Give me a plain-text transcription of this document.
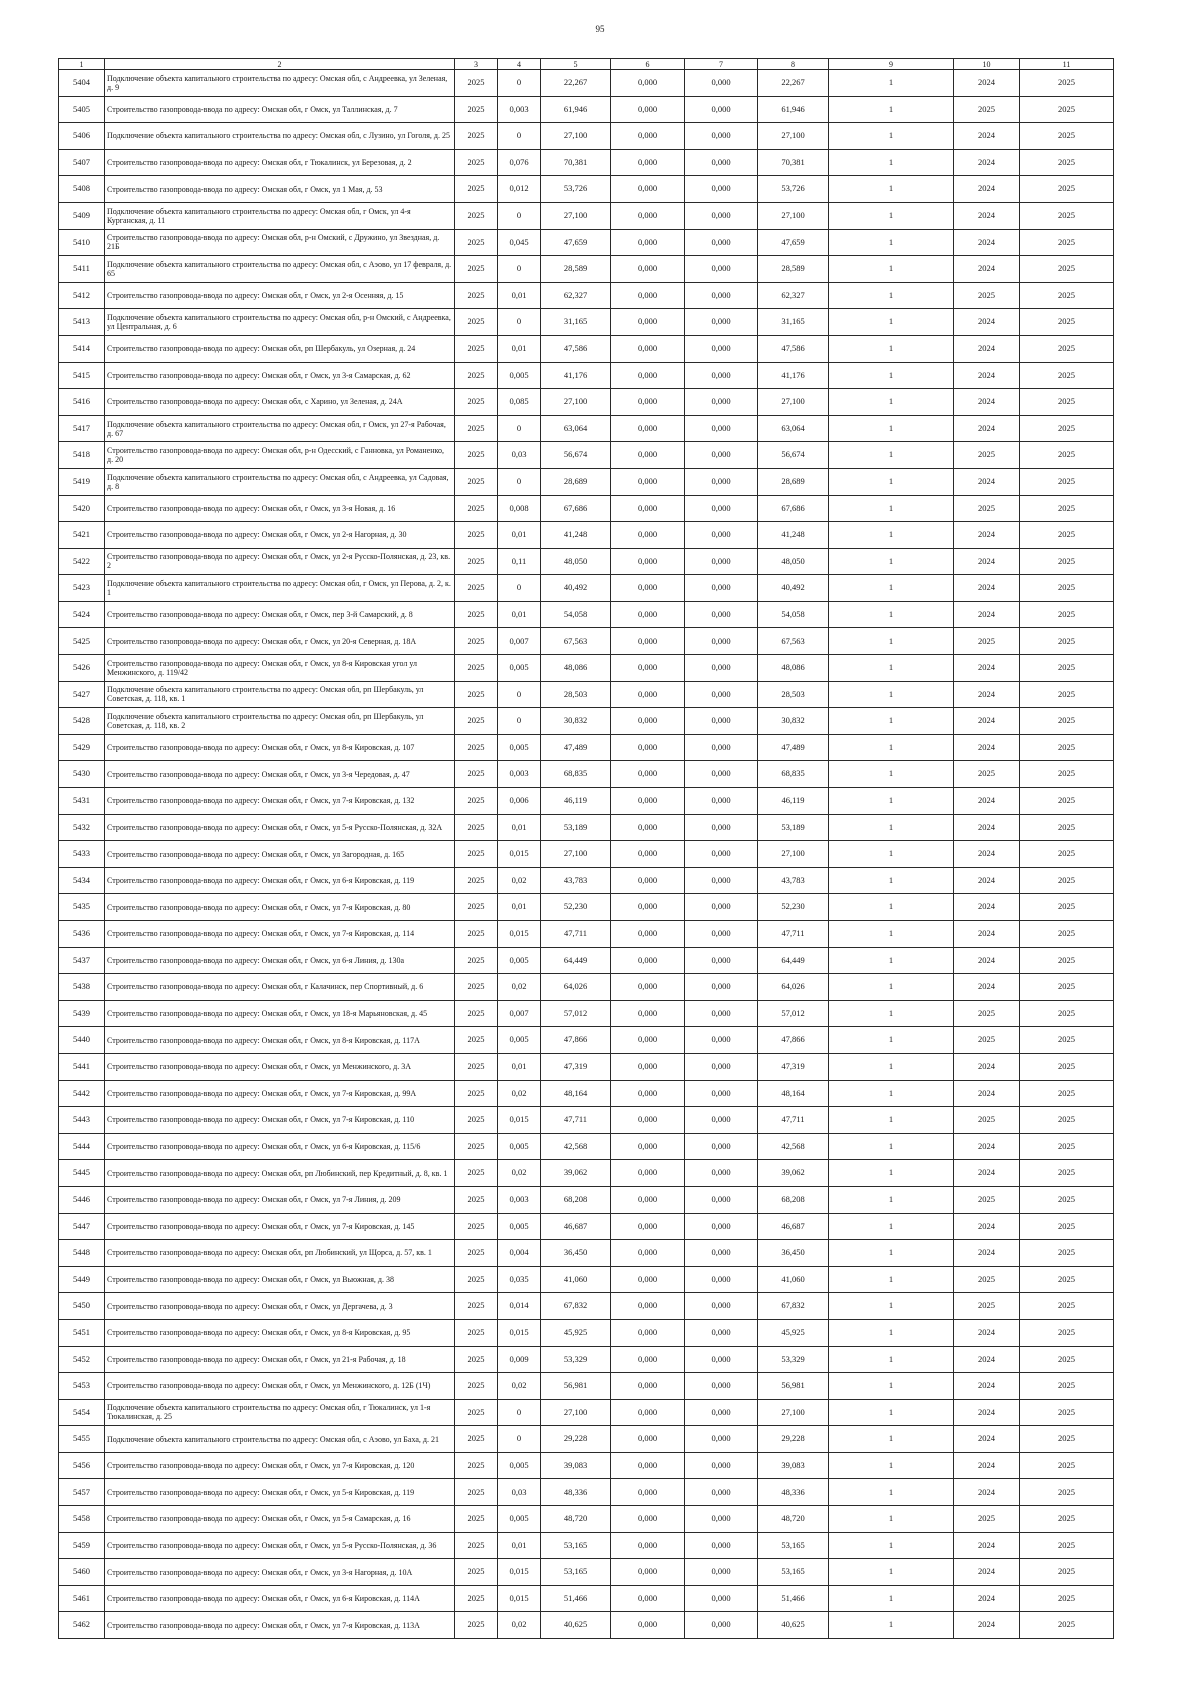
95
1	2	3	4	5	6	7	8	9	10	11
5404	Подключение объекта капитального строительства по адресу: Омская обл, с Андреевка, ул Зеленая, д. 9	2025	0	22,267	0,000	0,000	22,267	1	2024	2025
5405	Строительство газопровода-ввода по адресу: Омская обл, г Омск, ул Таллинская, д. 7	2025	0,003	61,946	0,000	0,000	61,946	1	2025	2025
5406	Подключение объекта капитального строительства по адресу: Омская обл, с Лузино, ул Гоголя, д. 25	2025	0	27,100	0,000	0,000	27,100	1	2024	2025
5407	Строительство газопровода-ввода по адресу: Омская обл, г Тюкалинск, ул Березовая, д. 2	2025	0,076	70,381	0,000	0,000	70,381	1	2024	2025
5408	Строительство газопровода-ввода по адресу: Омская обл, г Омск, ул 1 Мая, д. 53	2025	0,012	53,726	0,000	0,000	53,726	1	2024	2025
5409	Подключение объекта капитального строительства по адресу: Омская обл, г Омск, ул 4-я Курганская, д. 11	2025	0	27,100	0,000	0,000	27,100	1	2024	2025
5410	Строительство газопровода-ввода по адресу: Омская обл, р-н Омский, с Дружино, ул Звездная, д. 21Б	2025	0,045	47,659	0,000	0,000	47,659	1	2024	2025
5411	Подключение объекта капитального строительства по адресу: Омская обл, с Аэово, ул 17 февраля, д. 65	2025	0	28,589	0,000	0,000	28,589	1	2024	2025
5412	Строительство газопровода-ввода по адресу: Омская обл, г Омск, ул 2-я Осенняя, д. 15	2025	0,01	62,327	0,000	0,000	62,327	1	2025	2025
5413	Подключение объекта капитального строительства по адресу: Омская обл, р-н Омский, с Андреевка, ул Центральная, д. 6	2025	0	31,165	0,000	0,000	31,165	1	2024	2025
5414	Строительство газопровода-ввода по адресу: Омская обл, рп Шербакуль, ул Озерная, д. 24	2025	0,01	47,586	0,000	0,000	47,586	1	2024	2025
5415	Строительство газопровода-ввода по адресу: Омская обл, г Омск, ул 3-я Самарская, д. 62	2025	0,005	41,176	0,000	0,000	41,176	1	2024	2025
5416	Строительство газопровода-ввода по адресу: Омская обл, с Харино, ул Зеленая, д. 24А	2025	0,085	27,100	0,000	0,000	27,100	1	2024	2025
5417	Подключение объекта капитального строительства по адресу: Омская обл, г Омск, ул 27-я Рабочая, д. 67	2025	0	63,064	0,000	0,000	63,064	1	2024	2025
5418	Строительство газопровода-ввода по адресу: Омская обл, р-н Одесский, с Ганновка, ул Романенко, д. 20	2025	0,03	56,674	0,000	0,000	56,674	1	2025	2025
5419	Подключение объекта капитального строительства по адресу: Омская обл, с Андреевка, ул Садовая, д. 8	2025	0	28,689	0,000	0,000	28,689	1	2024	2025
5420	Строительство газопровода-ввода по адресу: Омская обл, г Омск, ул 3-я Новая, д. 16	2025	0,008	67,686	0,000	0,000	67,686	1	2025	2025
5421	Строительство газопровода-ввода по адресу: Омская обл, г Омск, ул 2-я Нагорная, д. 30	2025	0,01	41,248	0,000	0,000	41,248	1	2024	2025
5422	Строительство газопровода-ввода по адресу: Омская обл, г Омск, ул 2-я Русско-Полянская, д. 23, кв. 2	2025	0,11	48,050	0,000	0,000	48,050	1	2024	2025
5423	Подключение объекта капитального строительства по адресу: Омская обл, г Омск, ул Перова, д. 2, к. 1	2025	0	40,492	0,000	0,000	40,492	1	2024	2025
5424	Строительство газопровода-ввода по адресу: Омская обл, г Омск, пер 3-й Самарский, д. 8	2025	0,01	54,058	0,000	0,000	54,058	1	2024	2025
5425	Строительство газопровода-ввода по адресу: Омская обл, г Омск, ул 20-я Северная, д. 18А	2025	0,007	67,563	0,000	0,000	67,563	1	2025	2025
5426	Строительство газопровода-ввода по адресу: Омская обл, г Омск, ул 8-я Кировская угол ул Менжинского, д. 119/42	2025	0,005	48,086	0,000	0,000	48,086	1	2024	2025
5427	Подключение объекта капитального строительства по адресу: Омская обл, рп Шербакуль, ул Советская, д. 118, кв. 1	2025	0	28,503	0,000	0,000	28,503	1	2024	2025
5428	Подключение объекта капитального строительства по адресу: Омская обл, рп Шербакуль, ул Советская, д. 118, кв. 2	2025	0	30,832	0,000	0,000	30,832	1	2024	2025
5429	Строительство газопровода-ввода по адресу: Омская обл, г Омск, ул 8-я Кировская, д. 107	2025	0,005	47,489	0,000	0,000	47,489	1	2024	2025
5430	Строительство газопровода-ввода по адресу: Омская обл, г Омск, ул 3-я Чередовая, д. 47	2025	0,003	68,835	0,000	0,000	68,835	1	2025	2025
5431	Строительство газопровода-ввода по адресу: Омская обл, г Омск, ул 7-я Кировская, д. 132	2025	0,006	46,119	0,000	0,000	46,119	1	2024	2025
5432	Строительство газопровода-ввода по адресу: Омская обл, г Омск, ул 5-я Русско-Полянская, д. 32А	2025	0,01	53,189	0,000	0,000	53,189	1	2024	2025
5433	Строительство газопровода-ввода по адресу: Омская обл, г Омск, ул Загородная, д. 165	2025	0,015	27,100	0,000	0,000	27,100	1	2024	2025
5434	Строительство газопровода-ввода по адресу: Омская обл, г Омск, ул 6-я Кировская, д. 119	2025	0,02	43,783	0,000	0,000	43,783	1	2024	2025
5435	Строительство газопровода-ввода по адресу: Омская обл, г Омск, ул 7-я Кировская, д. 80	2025	0,01	52,230	0,000	0,000	52,230	1	2024	2025
5436	Строительство газопровода-ввода по адресу: Омская обл, г Омск, ул 7-я Кировская, д. 114	2025	0,015	47,711	0,000	0,000	47,711	1	2024	2025
5437	Строительство газопровода-ввода по адресу: Омская обл, г Омск, ул 6-я Линия, д. 130а	2025	0,005	64,449	0,000	0,000	64,449	1	2024	2025
5438	Строительство газопровода-ввода по адресу: Омская обл, г Калачинск, пер Спортивный, д. 6	2025	0,02	64,026	0,000	0,000	64,026	1	2024	2025
5439	Строительство газопровода-ввода по адресу: Омская обл, г Омск, ул 18-я Марьяновская, д. 45	2025	0,007	57,012	0,000	0,000	57,012	1	2025	2025
5440	Строительство газопровода-ввода по адресу: Омская обл, г Омск, ул 8-я Кировская, д. 117А	2025	0,005	47,866	0,000	0,000	47,866	1	2025	2025
5441	Строительство газопровода-ввода по адресу: Омская обл, г Омск, ул Менжинского, д. 3А	2025	0,01	47,319	0,000	0,000	47,319	1	2024	2025
5442	Строительство газопровода-ввода по адресу: Омская обл, г Омск, ул 7-я Кировская, д. 99А	2025	0,02	48,164	0,000	0,000	48,164	1	2024	2025
5443	Строительство газопровода-ввода по адресу: Омская обл, г Омск, ул 7-я Кировская, д. 110	2025	0,015	47,711	0,000	0,000	47,711	1	2025	2025
5444	Строительство газопровода-ввода по адресу: Омская обл, г Омск, ул 6-я Кировская, д. 115/6	2025	0,005	42,568	0,000	0,000	42,568	1	2024	2025
5445	Строительство газопровода-ввода по адресу: Омская обл, рп Любинский, пер Кредитный, д. 8, кв. 1	2025	0,02	39,062	0,000	0,000	39,062	1	2024	2025
5446	Строительство газопровода-ввода по адресу: Омская обл, г Омск, ул 7-я Линия, д. 209	2025	0,003	68,208	0,000	0,000	68,208	1	2025	2025
5447	Строительство газопровода-ввода по адресу: Омская обл, г Омск, ул 7-я Кировская, д. 145	2025	0,005	46,687	0,000	0,000	46,687	1	2024	2025
5448	Строительство газопровода-ввода по адресу: Омская обл, рп Любинский, ул Щорса, д. 57, кв. 1	2025	0,004	36,450	0,000	0,000	36,450	1	2024	2025
5449	Строительство газопровода-ввода по адресу: Омская обл, г Омск, ул Вьюжная, д. 38	2025	0,035	41,060	0,000	0,000	41,060	1	2025	2025
5450	Строительство газопровода-ввода по адресу: Омская обл, г Омск, ул Дергачева, д. 3	2025	0,014	67,832	0,000	0,000	67,832	1	2025	2025
5451	Строительство газопровода-ввода по адресу: Омская обл, г Омск, ул 8-я Кировская, д. 95	2025	0,015	45,925	0,000	0,000	45,925	1	2024	2025
5452	Строительство газопровода-ввода по адресу: Омская обл, г Омск, ул 21-я Рабочая, д. 18	2025	0,009	53,329	0,000	0,000	53,329	1	2024	2025
5453	Строительство газопровода-ввода по адресу: Омская обл, г Омск, ул Менжинского, д. 12Б (1Ч)	2025	0,02	56,981	0,000	0,000	56,981	1	2024	2025
5454	Подключение объекта капитального строительства по адресу: Омская обл, г Тюкалинск, ул 1-я Тюкалинская, д. 25	2025	0	27,100	0,000	0,000	27,100	1	2024	2025
5455	Подключение объекта капитального строительства по адресу: Омская обл, с Аэово, ул Баха, д. 21	2025	0	29,228	0,000	0,000	29,228	1	2024	2025
5456	Строительство газопровода-ввода по адресу: Омская обл, г Омск, ул 7-я Кировская, д. 120	2025	0,005	39,083	0,000	0,000	39,083	1	2024	2025
5457	Строительство газопровода-ввода по адресу: Омская обл, г Омск, ул 5-я Кировская, д. 119	2025	0,03	48,336	0,000	0,000	48,336	1	2024	2025
5458	Строительство газопровода-ввода по адресу: Омская обл, г Омск, ул 5-я Самарская, д. 16	2025	0,005	48,720	0,000	0,000	48,720	1	2025	2025
5459	Строительство газопровода-ввода по адресу: Омская обл, г Омск, ул 5-я Русско-Полянская, д. 36	2025	0,01	53,165	0,000	0,000	53,165	1	2024	2025
5460	Строительство газопровода-ввода по адресу: Омская обл, г Омск, ул 3-я Нагорная, д. 10А	2025	0,015	53,165	0,000	0,000	53,165	1	2024	2025
5461	Строительство газопровода-ввода по адресу: Омская обл, г Омск, ул 6-я Кировская, д. 114А	2025	0,015	51,466	0,000	0,000	51,466	1	2024	2025
5462	Строительство газопровода-ввода по адресу: Омская обл, г Омск, ул 7-я Кировская, д. 113А	2025	0,02	40,625	0,000	0,000	40,625	1	2024	2025
